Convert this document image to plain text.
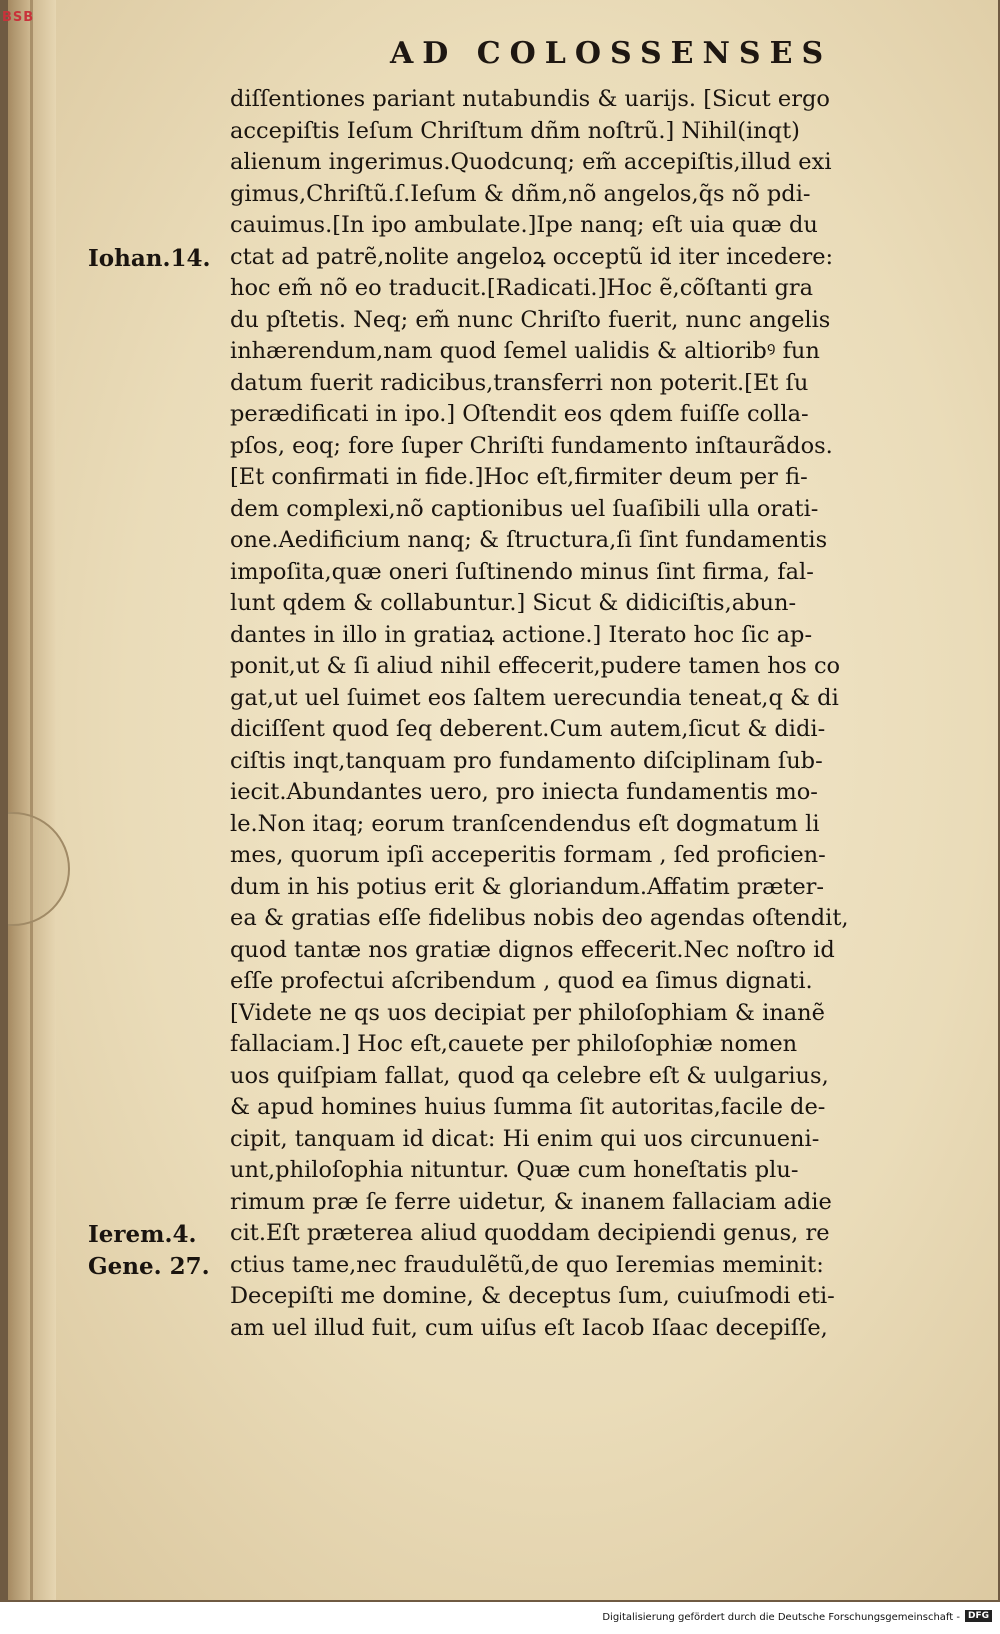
AD COLOSSENSES
diſſentiones pariant nutabundis & uarijs. [Sicut ergo
accepiſtis Ieſum Chriſtum dñm noſtrũ.] Nihil(inqt)
alienum ingerimus.Quodcunq; em̃ accepiſtis,illud exi
gimus,Chriſtũ.ſ.Ieſum & dñm,nõ angelos,q̃s nõ pdi-
cauimus.[In ipo ambulate.]Ipe nanq; eſt uia quæ du
ctat ad patrẽ,nolite angeloꝝ occeptũ id iter incedere:
hoc em̃ nõ eo traducit.[Radicati.]Hoc ẽ,cõſtanti gra
du pſtetis. Neq; em̃ nunc Chriſto fuerit, nunc angelis
inhærendum,nam quod ſemel ualidis & altioribꝰ fun
datum fuerit radicibus,transferri non poterit.[Et ſu
perædificati in ipo.] Oſtendit eos qdem fuiſſe colla-
pſos, eoq; fore ſuper Chriſti fundamento inſtaurãdos.
[Et confirmati in fide.]Hoc eſt,firmiter deum per fi-
dem complexi,nõ captionibus uel ſuaſibili ulla orati-
one.Aedificium nanq; & ſtructura,ſi ſint fundamentis
impoſita,quæ oneri ſuſtinendo minus ſint firma, fal-
lunt qdem & collabuntur.] Sicut & didiciſtis,abun-
dantes in illo in gratiaꝝ actione.] Iterato hoc ſic ap-
ponit,ut & ſi aliud nihil effecerit,pudere tamen hos co
gat,ut uel ſuimet eos ſaltem uerecundia teneat,q & di
diciſſent quod ſeq deberent.Cum autem,ſicut & didi-
ciſtis inqt,tanquam pro fundamento diſciplinam ſub-
iecit.Abundantes uero, pro iniecta fundamentis mo-
le.Non itaq; eorum tranſcendendus eſt dogmatum li
mes, quorum ipſi acceperitis formam , ſed proficien-
dum in his potius erit & gloriandum.Affatim præter-
ea & gratias eſſe fidelibus nobis deo agendas oſtendit,
quod tantæ nos gratiæ dignos effecerit.Nec noſtro id
eſſe profectui aſcribendum , quod ea ſimus dignati.
[Videte ne qs uos decipiat per philoſophiam & inanẽ
fallaciam.] Hoc eſt,cauete per philoſophiæ nomen
uos quiſpiam fallat, quod qa celebre eſt & uulgarius,
& apud homines huius ſumma ſit autoritas,facile de-
cipit, tanquam id dicat: Hi enim qui uos circunueni-
unt,philoſophia nituntur. Quæ cum honeſtatis plu-
rimum præ ſe ferre uidetur, & inanem fallaciam adie
cit.Eſt præterea aliud quoddam decipiendi genus, re
ctius tame,nec fraudulẽtũ,de quo Ieremias meminit:
Decepiſti me domine, & deceptus ſum, cuiuſmodi eti-
am uel illud fuit, cum uiſus eſt Iacob Iſaac decepiſſe,
Iohan.14.
Ierem.4.
Gene. 27.
BSB
Digitalisierung gefördert durch die Deutsche Forschungsgemeinschaft - DFG
